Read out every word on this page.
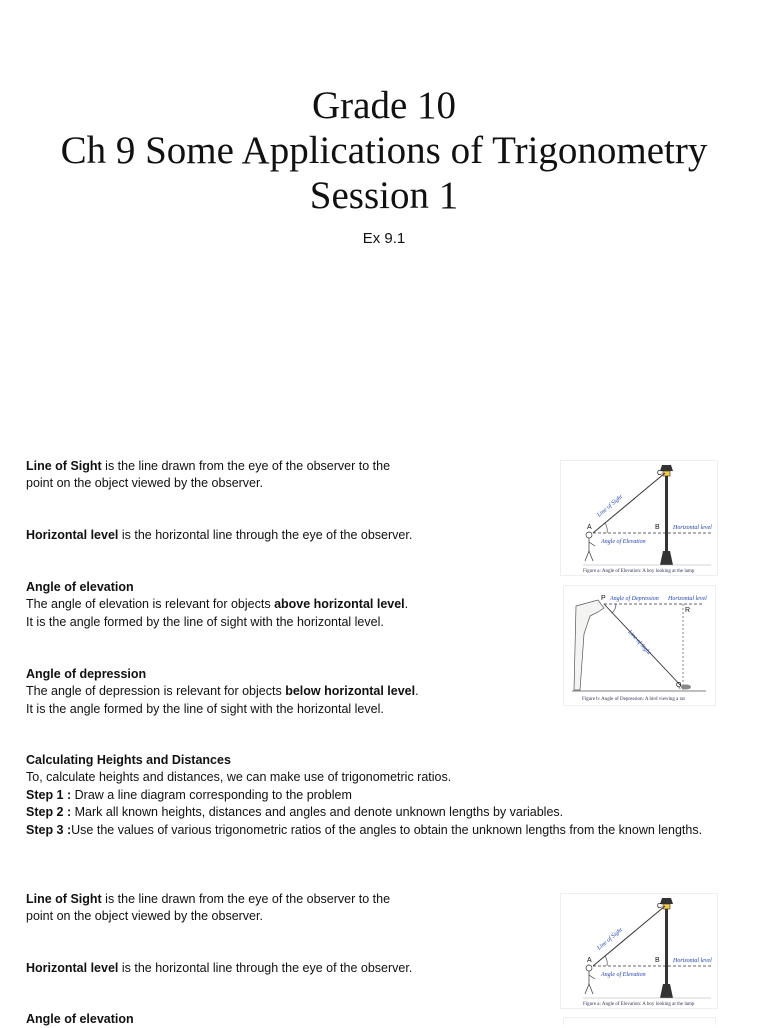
Grade 10
Ch 9 Some Applications of Trigonometry
Session 1
Ex 9.1
Line of Sight is the line drawn from the eye of the observer to the
point on the object viewed by the observer.
Horizontal level is the horizontal line through the eye of the observer.
Angle of elevation
The angle of elevation is relevant for objects above horizontal level.
It is the angle formed by the line of sight with the horizontal level.
Angle of depression
The angle of depression is relevant for objects below horizontal level.
It is the angle formed by the line of sight with the horizontal level.
Calculating Heights and Distances
To, calculate heights and distances, we can make use of trigonometric ratios.
Step 1 : Draw a line diagram corresponding to the problem
Step 2 : Mark all known heights, distances and angles and denote unknown lengths by variables.
Step 3 :Use the values of various trigonometric ratios of the angles to obtain the unknown lengths from the known lengths.
Line of Sight is the line drawn from the eye of the observer to the
point on the object viewed by the observer.
Horizontal level is the horizontal line through the eye of the observer.
Angle of elevation
Line of Sight
Horizontal level
Angle of Elevation
A	B
C
Figure a: Angle of Elevation: A boy looking at the lamp
Angle of Depression Horizontal level
Line of Sight
P
R
Q
Figure b: Angle of Depression: A bird viewing a rat
Line of Sight
Horizontal level
Angle of Elevation
A	B
C
Figure a: Angle of Elevation: A boy looking at the lamp
